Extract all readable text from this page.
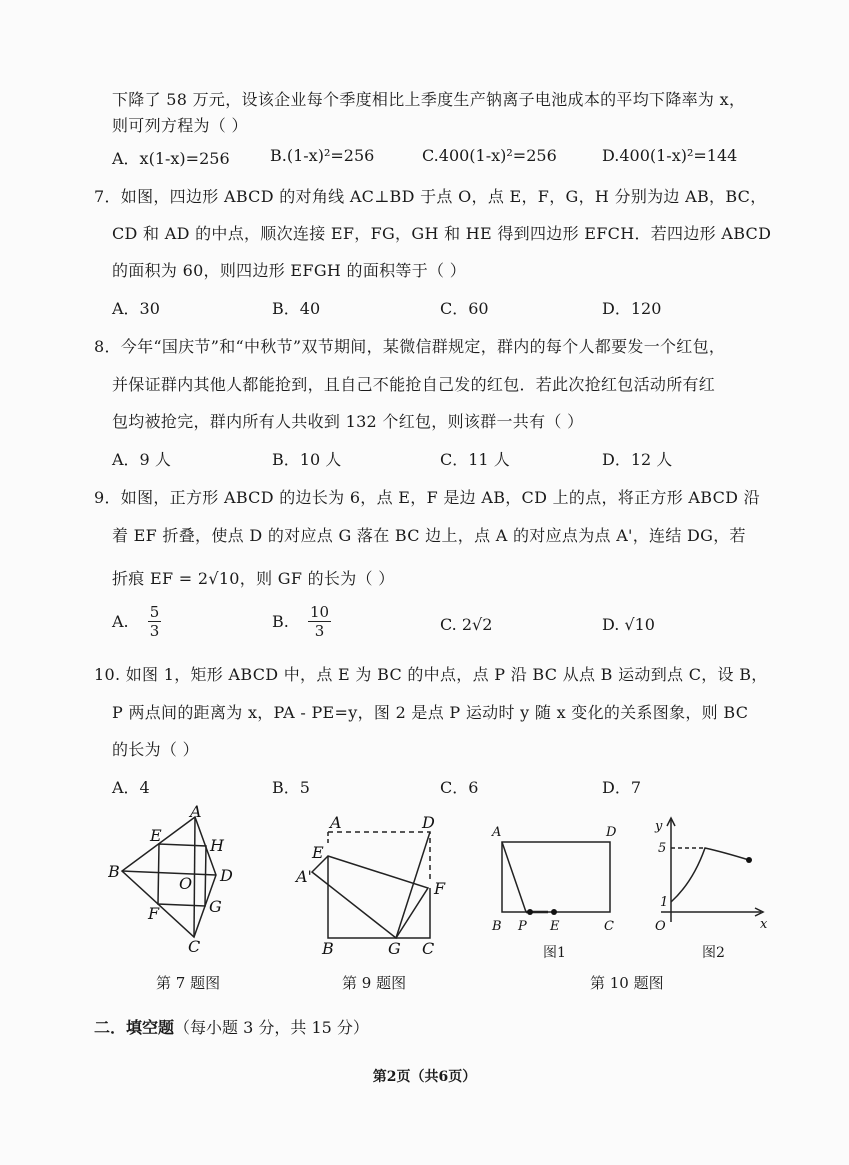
下降了 58 万元，设该企业每个季度相比上季度生产钠离子电池成本的平均下降率为 x，
则可列方程为（ ）
A．x(1-x)=256	B.(1-x)²=256	C.400(1-x)²=256	D.400(1-x)²=144
7．如图，四边形 ABCD 的对角线 AC⊥BD 于点 O，点 E，F，G，H 分别为边 AB，BC，
CD 和 AD 的中点，顺次连接 EF，FG，GH 和 HE 得到四边形 EFCH．若四边形 ABCD
的面积为 60，则四边形 EFGH 的面积等于（ ）
A．30	B．40	C．60	D．120
8．今年“国庆节”和“中秋节”双节期间，某微信群规定，群内的每个人都要发一个红包，
并保证群内其他人都能抢到，且自己不能抢自己发的红包．若此次抢红包活动所有红
包均被抢完，群内所有人共收到 132 个红包，则该群一共有（ ）
A．9 人	B．10 人	C．11 人	D．12 人
9．如图，正方形 ABCD 的边长为 6，点 E，F 是边 AB，CD 上的点，将正方形 ABCD 沿
着 EF 折叠，使点 D 的对应点 G 落在 BC 边上，点 A 的对应点为点 A'，连结 DG，若
折痕 EF = 2√10，则 GF 的长为（ ）
A. $\frac{5}{3}$	B. $\frac{10}{3}$	C. 2√2	D. √10
10. 如图 1，矩形 ABCD 中，点 E 为 BC 的中点，点 P 沿 BC 从点 B 运动到点 C，设 B，
P 两点间的距离为 x，PA - PE=y，图 2 是点 P 运动时 y 随 x 变化的关系图象，则 BC
的长为（ ）
A．4	B．5	C．6	D．7
A
B
C
D
E
F	G
H
O
第 7 题图
A	D
E
A'
F
B	G C
第 9 题图
A	D
B P E	C
图1
y
5
1
O	x
图2
第 10 题图
二．填空题（每小题 3 分，共 15 分）
第2页（共6页）
